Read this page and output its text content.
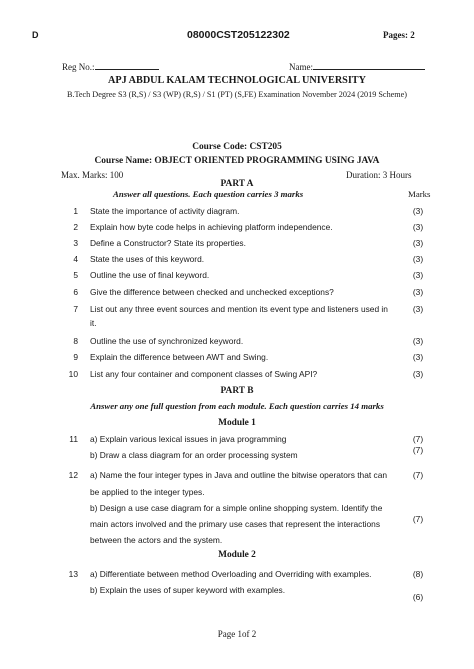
D	08000CST205122302	Pages: 2
Reg No.:	Name:
APJ ABDUL KALAM TECHNOLOGICAL UNIVERSITY
B.Tech Degree S3 (R,S) / S3 (WP) (R,S) / S1 (PT) (S,FE) Examination November 2024 (2019 Scheme)
Course Code: CST205
Course Name: OBJECT ORIENTED PROGRAMMING USING JAVA
Max. Marks: 100	Duration: 3 Hours
PART A
Answer all questions. Each question carries 3 marks	Marks
1 State the importance of activity diagram.	(3)
2 Explain how byte code helps in achieving platform independence.	(3)
3 Define a Constructor? State its properties.	(3)
4 State the uses of this keyword.	(3)
5 Outline the use of final keyword.	(3)
6 Give the difference between checked and unchecked exceptions?	(3)
7 List out any three event sources and mention its event type and listeners used in
it.
(3)
8 Outline the use of synchronized keyword.	(3)
9 Explain the difference between AWT and Swing.	(3)
10 List any four container and component classes of Swing API?	(3)
PART B
Answer any one full question from each module. Each question carries 14 marks
Module 1
11 a) Explain various lexical issues in java programming	(7)
b) Draw a class diagram for an order processing system	(7)
12 a) Name the four integer types in Java and outline the bitwise operators that can
be applied to the integer types.
(7)
b) Design a use case diagram for a simple online shopping system. Identify the
main actors involved and the primary use cases that represent the interactions
between the actors and the system.
(7)
Module 2
13 a) Differentiate between method Overloading and Overriding with examples.	(8)
b) Explain the uses of super keyword with examples.
(6)
Page 1of 2
